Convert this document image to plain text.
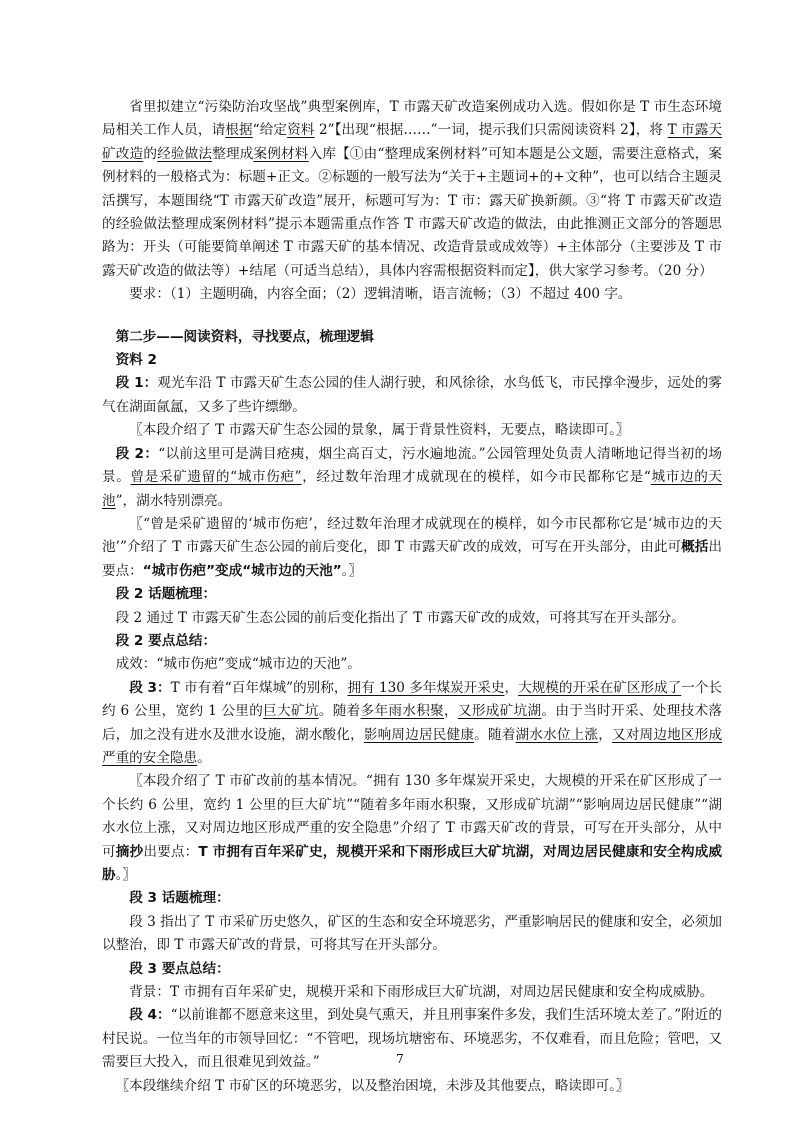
省里拟建立“污染防治攻坚战”典型案例库，T 市露天矿改造案例成功入选。假如你是 T 市生态环境局相关工作人员，请根据“给定资料 2”【出现“根据……”一词，提示我们只需阅读资料 2】，将 T 市露天矿改造的经验做法整理成案例材料入库【①由“整理成案例材料”可知本题是公文题，需要注意格式，案例材料的一般格式为：标题+正文。②标题的一般写法为“关于+主题词+的+文种”，也可以结合主题灵活撰写，本题围绕“T 市露天矿改造”展开，标题可写为：T 市：露天矿换新颜。③“将 T 市露天矿改造的经验做法整理成案例材料”提示本题需重点作答 T 市露天矿改造的做法，由此推测正文部分的答题思路为：开头（可能要简单阐述 T 市露天矿的基本情况、改造背景或成效等）+主体部分（主要涉及 T 市露天矿改造的做法等）+结尾（可适当总结），具体内容需根据资料而定】，供大家学习参考。（20 分）

要求：（1）主题明确，内容全面；（2）逻辑清晰，语言流畅；（3）不超过 400 字。

第二步——阅读资料，寻找要点，梳理逻辑

资料 2

段 1：观光车沿 T 市露天矿生态公园的佳人湖行驶，和风徐徐，水鸟低飞，市民撑伞漫步，远处的雾气在湖面氤氲，又多了些许缥缈。

〖本段介绍了 T 市露天矿生态公园的景象，属于背景性资料，无要点，略读即可。〗

段 2：“以前这里可是满目疮痍，烟尘高百丈，污水遍地流。”公园管理处负责人清晰地记得当初的场景。曾是采矿遗留的“城市伤疤”，经过数年治理才成就现在的模样，如今市民都称它是“城市边的天池”，湖水特别漂亮。

〖“曾是采矿遗留的‘城市伤疤’，经过数年治理才成就现在的模样，如今市民都称它是‘城市边的天池’”介绍了 T 市露天矿生态公园的前后变化，即 T 市露天矿改的成效，可写在开头部分，由此可概括出要点：“城市伤疤”变成“城市边的天池”。〗

段 2 话题梳理：

段 2 通过 T 市露天矿生态公园的前后变化指出了 T 市露天矿改的成效，可将其写在开头部分。

段 2 要点总结：

成效：“城市伤疤”变成“城市边的天池”。

段 3：T 市有着“百年煤城”的别称，拥有 130 多年煤炭开采史，大规模的开采在矿区形成了一个长约 6 公里，宽约 1 公里的巨大矿坑。随着多年雨水积聚，又形成矿坑湖。由于当时开采、处理技术落后，加之没有进水及泄水设施，湖水酸化，影响周边居民健康。随着湖水水位上涨，又对周边地区形成严重的安全隐患。

〖本段介绍了 T 市矿改前的基本情况。“拥有 130 多年煤炭开采史，大规模的开采在矿区形成了一个长约 6 公里，宽约 1 公里的巨大矿坑”“随着多年雨水积聚，又形成矿坑湖”“影响周边居民健康”“湖水水位上涨，又对周边地区形成严重的安全隐患”介绍了 T 市露天矿改的背景，可写在开头部分，从中可摘抄出要点：T 市拥有百年采矿史，规模开采和下雨形成巨大矿坑湖，对周边居民健康和安全构成威胁。〗

段 3 话题梳理：

段 3 指出了 T 市采矿历史悠久，矿区的生态和安全环境恶劣，严重影响居民的健康和安全，必须加以整治，即 T 市露天矿改的背景，可将其写在开头部分。

段 3 要点总结：

背景：T 市拥有百年采矿史，规模开采和下雨形成巨大矿坑湖，对周边居民健康和安全构成威胁。

段 4：“以前谁都不愿意来这里，到处臭气熏天，并且刑事案件多发，我们生活环境太差了。”附近的村民说。一位当年的市领导回忆：“不管吧，现场坑塘密布、环境恶劣，不仅难看，而且危险；管吧，又需要巨大投入，而且很难见到效益。”

〖本段继续介绍 T 市矿区的环境恶劣，以及整治困境，未涉及其他要点，略读即可。〗

7
